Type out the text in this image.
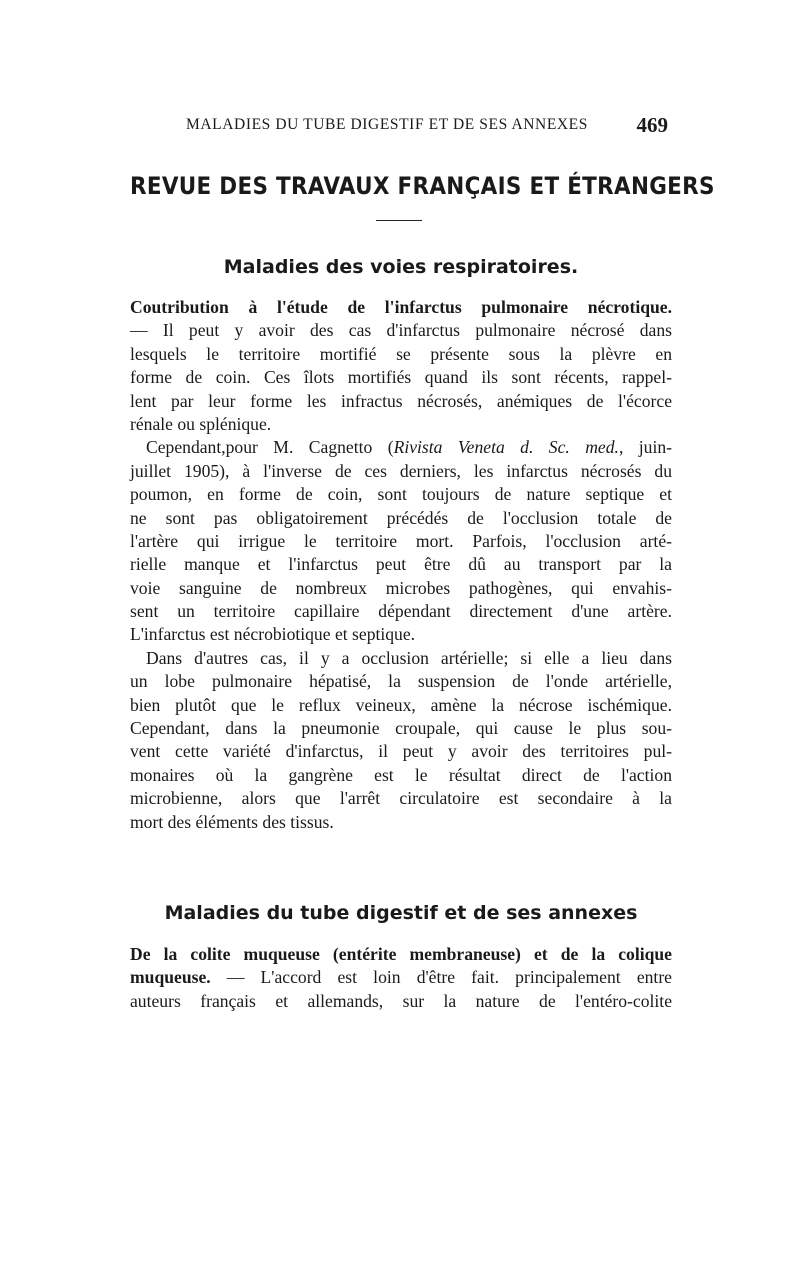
MALADIES DU TUBE DIGESTIF ET DE SES ANNEXES 469
REVUE DES TRAVAUX FRANÇAIS ET ÉTRANGERS
Maladies des voies respiratoires.
Coutribution à l'étude de l'infarctus pulmonaire nécrotique.
— Il peut y avoir des cas d'infarctus pulmonaire nécrosé dans
lesquels le territoire mortifié se présente sous la plèvre en
forme de coin. Ces îlots mortifiés quand ils sont récents, rappel-
lent par leur forme les infractus nécrosés, anémiques de l'écorce
rénale ou splénique.
Cependant,pour M. Cagnetto (Rivista Veneta d. Sc. med., juin-
juillet 1905), à l'inverse de ces derniers, les infarctus nécrosés du
poumon, en forme de coin, sont toujours de nature septique et
ne sont pas obligatoirement précédés de l'occlusion totale de
l'artère qui irrigue le territoire mort. Parfois, l'occlusion arté-
rielle manque et l'infarctus peut être dû au transport par la
voie sanguine de nombreux microbes pathogènes, qui envahis-
sent un territoire capillaire dépendant directement d'une artère.
L'infarctus est nécrobiotique et septique.
Dans d'autres cas, il y a occlusion artérielle; si elle a lieu dans
un lobe pulmonaire hépatisé, la suspension de l'onde artérielle,
bien plutôt que le reflux veineux, amène la nécrose ischémique.
Cependant, dans la pneumonie croupale, qui cause le plus sou-
vent cette variété d'infarctus, il peut y avoir des territoires pul-
monaires où la gangrène est le résultat direct de l'action
microbienne, alors que l'arrêt circulatoire est secondaire à la
mort des éléments des tissus.
Maladies du tube digestif et de ses annexes
De la colite muqueuse (entérite membraneuse) et de la colique
muqueuse. — L'accord est loin d'être fait. principalement entre
auteurs français et allemands, sur la nature de l'entéro-colite
